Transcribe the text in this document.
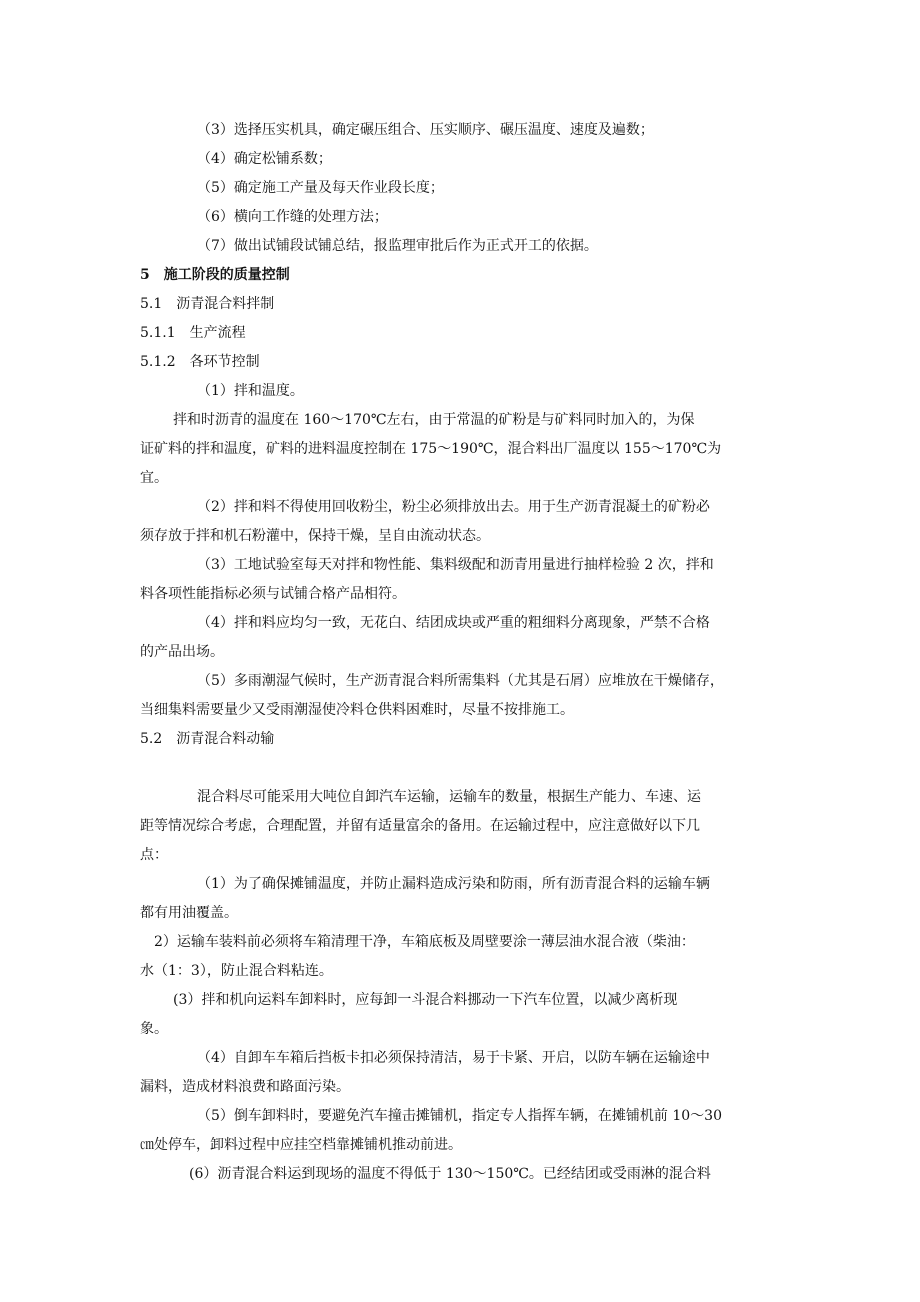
（3）选择压实机具，确定碾压组合、压实顺序、碾压温度、速度及遍数；
（4）确定松铺系数；
（5）确定施工产量及每天作业段长度；
（6）横向工作缝的处理方法；
（7）做出试铺段试铺总结，报监理审批后作为正式开工的依据。
5　施工阶段的质量控制
5.1　沥青混合料拌制
5.1.1　生产流程
5.1.2　各环节控制
（1）拌和温度。
拌和时沥青的温度在 160～170℃左右，由于常温的矿粉是与矿料同时加入的，为保
证矿料的拌和温度，矿料的进料温度控制在 175～190℃，混合料出厂温度以 155～170℃为
宜。
（2）拌和料不得使用回收粉尘，粉尘必须排放出去。用于生产沥青混凝土的矿粉必
须存放于拌和机石粉灌中，保持干燥，呈自由流动状态。
（3）工地试验室每天对拌和物性能、集料级配和沥青用量进行抽样检验 2 次，拌和
料各项性能指标必须与试铺合格产品相符。
（4）拌和料应均匀一致，无花白、结团成块或严重的粗细料分离现象，严禁不合格
的产品出场。
（5）多雨潮湿气候时，生产沥青混合料所需集料（尤其是石屑）应堆放在干燥储存，
当细集料需要量少又受雨潮湿使冷料仓供料困难时，尽量不按排施工。
5.2　沥青混合料动输
混合料尽可能采用大吨位自卸汽车运输，运输车的数量，根据生产能力、车速、运
距等情况综合考虑，合理配置，并留有适量富余的备用。在运输过程中，应注意做好以下几
点：
（1）为了确保摊铺温度，并防止漏料造成污染和防雨，所有沥青混合料的运输车辆
都有用油覆盖。
2）运输车装料前必须将车箱清理干净，车箱底板及周壁要涂一薄层油水混合液（柴油：
水（1：3），防止混合料粘连。
(3）拌和机向运料车卸料时，应每卸一斗混合料挪动一下汽车位置，以减少离析现
象。
（4）自卸车车箱后挡板卡扣必须保持清洁，易于卡紧、开启，以防车辆在运输途中
漏料，造成材料浪费和路面污染。
（5）倒车卸料时，要避免汽车撞击摊铺机，指定专人指挥车辆，在摊铺机前 10～30
㎝处停车，卸料过程中应挂空档靠摊铺机推动前进。
(6）沥青混合料运到现场的温度不得低于 130～150℃。已经结团或受雨淋的混合料
